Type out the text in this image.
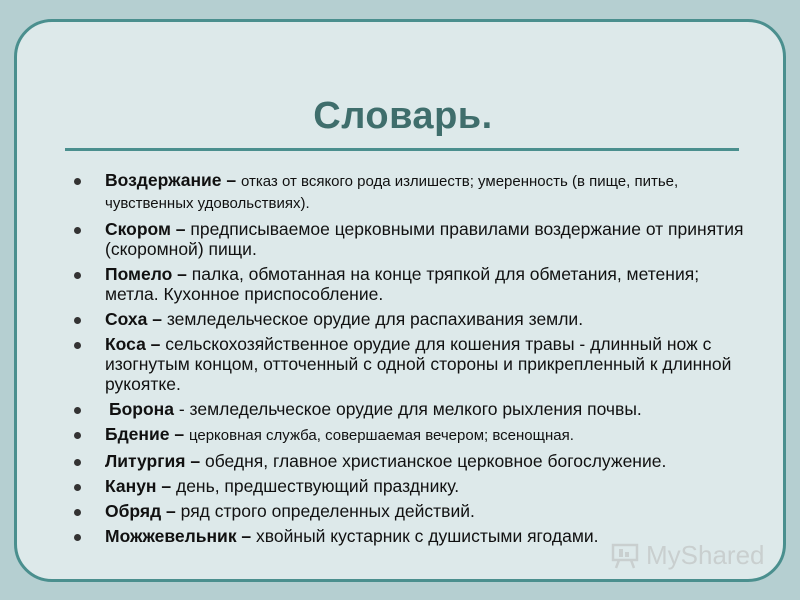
Словарь.
Воздержание – отказ от всякого рода излишеств; умеренность (в пище, питье, чувственных удовольствиях).
Скором – предписываемое церковными правилами воздержание от принятия (скоромной) пищи.
Помело – палка, обмотанная на конце тряпкой для обметания, метения; метла. Кухонное приспособление.
Соха – земледельческое орудие для распахивания земли.
Коса – сельскохозяйственное орудие для кошения травы - длинный нож с изогнутым концом, отточенный с одной стороны и прикрепленный к длинной рукоятке.
Борона - земледельческое орудие для мелкого рыхления почвы.
Бдение – церковная служба, совершаемая вечером; всенощная.
Литургия – обедня, главное христианское церковное богослужение.
Канун – день, предшествующий празднику.
Обряд – ряд строго определенных действий.
Можжевельник – хвойный кустарник с душистыми ягодами.
MyShared
